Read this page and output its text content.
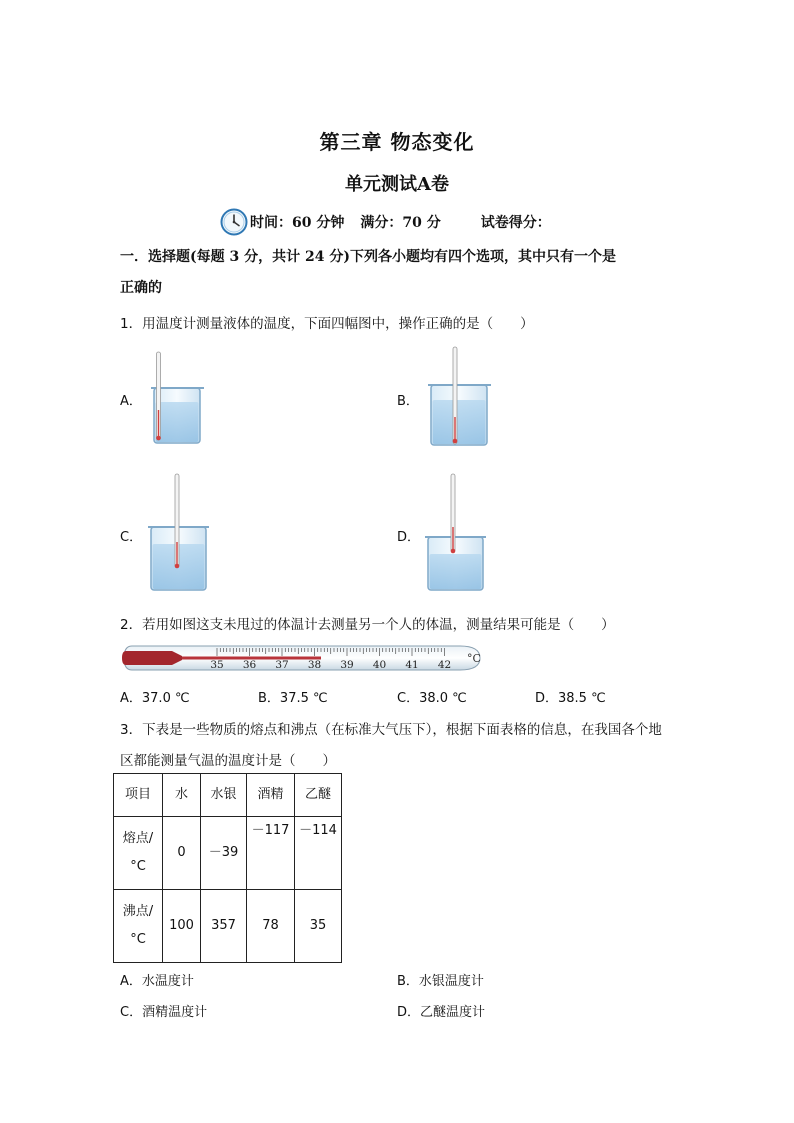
第三章 物态变化
单元测试A卷
时间：60 分钟 满分：70 分	试卷得分：
一．选择题(每题 3 分，共计 24 分)下列各小题均有四个选项，其中只有一个是
正确的
1．用温度计测量液体的温度，下面四幅图中，操作正确的是（　　）
A．	B．
C．	D．
2．若用如图这支未甩过的体温计去测量另一个人的体温，测量结果可能是（　　）
35 36 37 38 39 40 41 42 °C
A．37.0 ℃	B．37.5 ℃	C．38.0 ℃	D．38.5 ℃
3．下表是一些物质的熔点和沸点（在标准大气压下），根据下面表格的信息，在我国各个地
区都能测量气温的温度计是（　　）
项目	水	水银	酒精	乙醚

熔点/
°C	0	－39	－117	－114

沸点/
°C	100	357	78	35
A．水温度计	B．水银温度计
C．酒精温度计	D．乙醚温度计
